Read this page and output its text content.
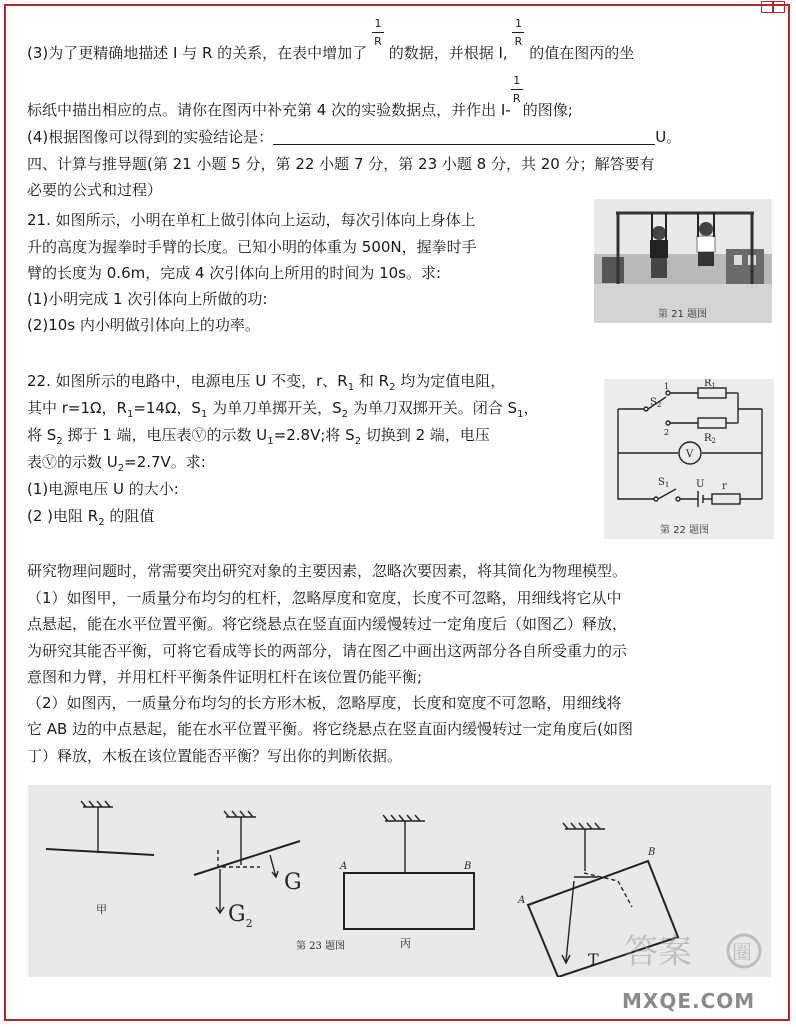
(3)为了更精确地描述 I 与 R 的关系，在表中增加了 $\frac{1}{R}$ 的数据，并根据 I, $\frac{1}{R}$ 的值在图丙的坐
标纸中描出相应的点。请你在图丙中补充第 4 次的实验数据点，并作出 $I- \frac{1}{R}$ 的图像;
(4)根据图像可以得到的实验结论是：	U。
四、计算与推导题(第 21 小题 5 分，第 22 小题 7 分，第 23 小题 8 分，共 20 分；解答要有
必要的公式和过程）
21. 如图所示，小明在单杠上做引体向上运动，每次引体向上身体上
升的高度为握拳时手臂的长度。已知小明的体重为 500N，握拳时手
臂的长度为 0.6m，完成 4 次引体向上所用的时间为 10s。求:
(1)小明完成 1 次引体向上所做的功:
(2)10s 内小明做引体向上的功率。
第 21 题图
22. 如图所示的电路中，电源电压 U 不变，r、$R_1$ 和 $R_2$ 均为定值电阻，
其中 r=1Ω，$R_1=14\Omega$，$S_1$ 为单刀单掷开关，$S_2$ 为单刀双掷开关。闭合 $S_1$，
将 $S_2$ 掷于 1 端，电压表Ⓥ的示数 $U_1=2.8V$;将 $S_2$ 切换到 2 端，电压
表Ⓥ的示数 $U_2=2.7V$。求:
(1)电源电压 U 的大小:
(2 )电阻 $R_2$ 的阻值
$S_2$
1
2
$R_1$
$R_2$
V
$S_1$	U r
第 22 题图
研究物理问题时，常需要突出研究对象的主要因素，忽略次要因素，将其简化为物理模型。
（1）如图甲，一质量分布均匀的杠杆，忽略厚度和宽度，长度不可忽略，用细线将它从中
点悬起，能在水平位置平衡。将它绕悬点在竖直面内缓慢转过一定角度后（如图乙）释放，
为研究其能否平衡，可将它看成等长的两部分，请在图乙中画出这两部分各自所受重力的示
意图和力臂，并用杠杆平衡条件证明杠杆在该位置仍能平衡;
（2）如图丙，一质量分布均匀的长方形木板，忽略厚度，长度和宽度不可忽略，用细线将
它 AB 边的中点悬起，能在水平位置平衡。将它绕悬点在竖直面内缓慢转过一定角度后(如图
丁）释放，木板在该位置能否平衡？写出你的判断依据。
甲
G
$G_2$
A	B
丙
第 23 题图
A
B
T 答案 圈
MXQE.COM
